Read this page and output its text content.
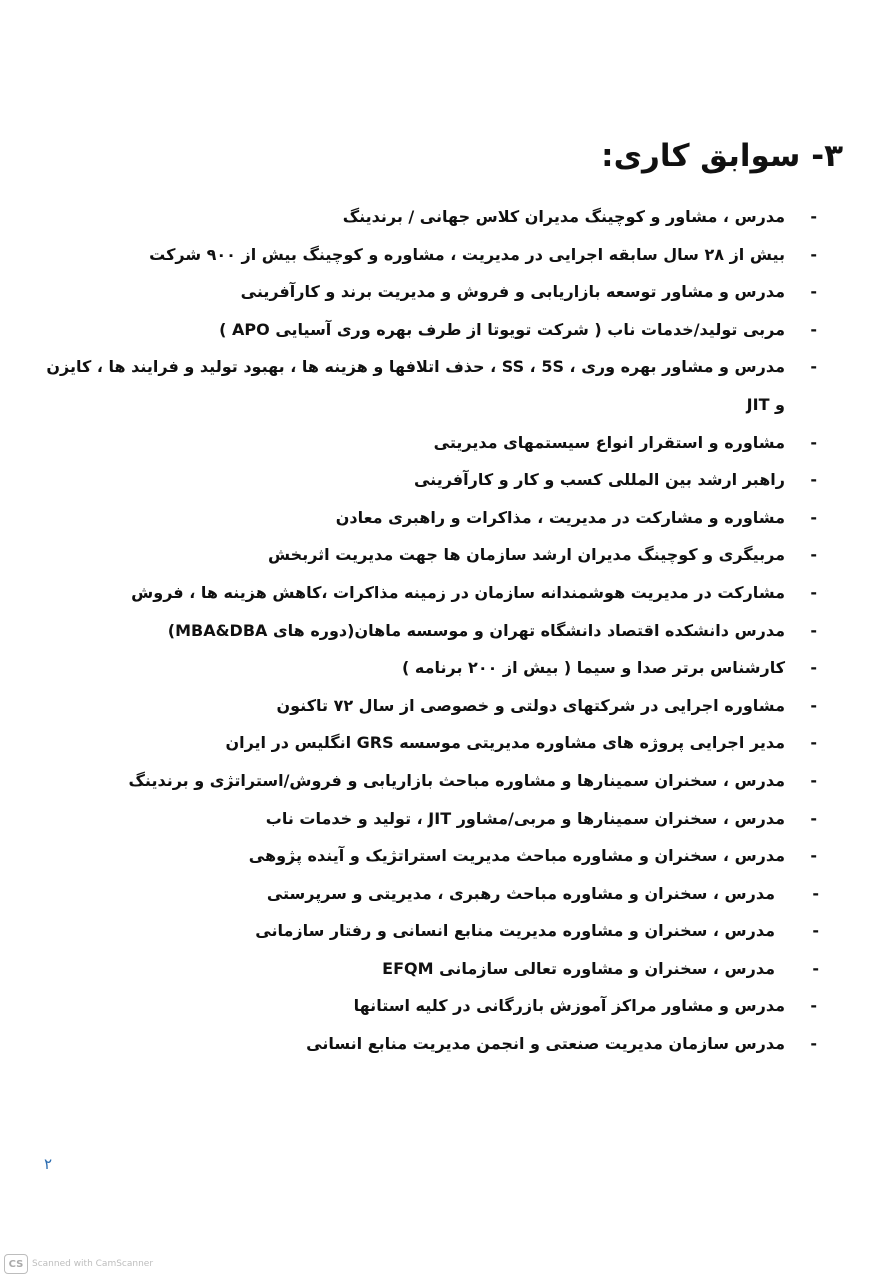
۳- سوابق کاری:
-
مدرس ، مشاور و کوچینگ مدیران کلاس جهانی / برندینگ
-
بیش از ۲۸ سال سابقه اجرایی در مدیریت ، مشاوره و کوچینگ بیش از ۹۰۰ شرکت
-
مدرس و مشاور توسعه بازاریابی و فروش و مدیریت برند و کارآفرینی
-
مربی تولید/خدمات ناب ( شرکت تویوتا از طرف بهره وری آسیایی APO )
-
مدرس و مشاور بهره وری ، SS ، 5S ، حذف اتلافها و هزینه ها ، بهبود تولید و فرایند ها ، کایزن و JIT
-
مشاوره و استقرار انواع سیستمهای مدیریتی
-
راهبر ارشد بین المللی کسب و کار و کارآفرینی
-
مشاوره و مشارکت در مدیریت ، مذاکرات و راهبری معادن
-
مربیگری و کوچینگ مدیران ارشد سازمان ها جهت مدیریت اثربخش
-
مشارکت در مدیریت هوشمندانه سازمان در زمینه مذاکرات ،کاهش هزینه ها ، فروش
-
مدرس دانشکده اقتصاد دانشگاه تهران و موسسه ماهان(دوره های MBA&DBA)
-
کارشناس برتر صدا و سیما ( بیش از ۲۰۰ برنامه )
-
مشاوره اجرایی در شرکتهای دولتی و خصوصی از سال ۷۲ تاکنون
-
مدیر اجرایی پروژه های مشاوره مدیریتی موسسه GRS انگلیس در ایران
-
مدرس ، سخنران سمینارها و مشاوره مباحث بازاریابی و فروش/استراتژی و برندینگ
-
مدرس ، سخنران سمینارها و مربی/مشاور JIT ، تولید و خدمات ناب
-
مدرس ، سخنران و مشاوره مباحث مدیریت استراتژیک و آینده پژوهی
-
مدرس ، سخنران و مشاوره مباحث رهبری ، مدیریتی و سرپرستی
-
مدرس ، سخنران و مشاوره مدیریت منابع انسانی و رفتار سازمانی
-
مدرس ، سخنران و مشاوره تعالی سازمانی EFQM
-
مدرس و مشاور مراکز آموزش بازرگانی در کلیه استانها
-
مدرس سازمان مدیریت صنعتی و انجمن مدیریت منابع انسانی
۲
CS Scanned with CamScanner
